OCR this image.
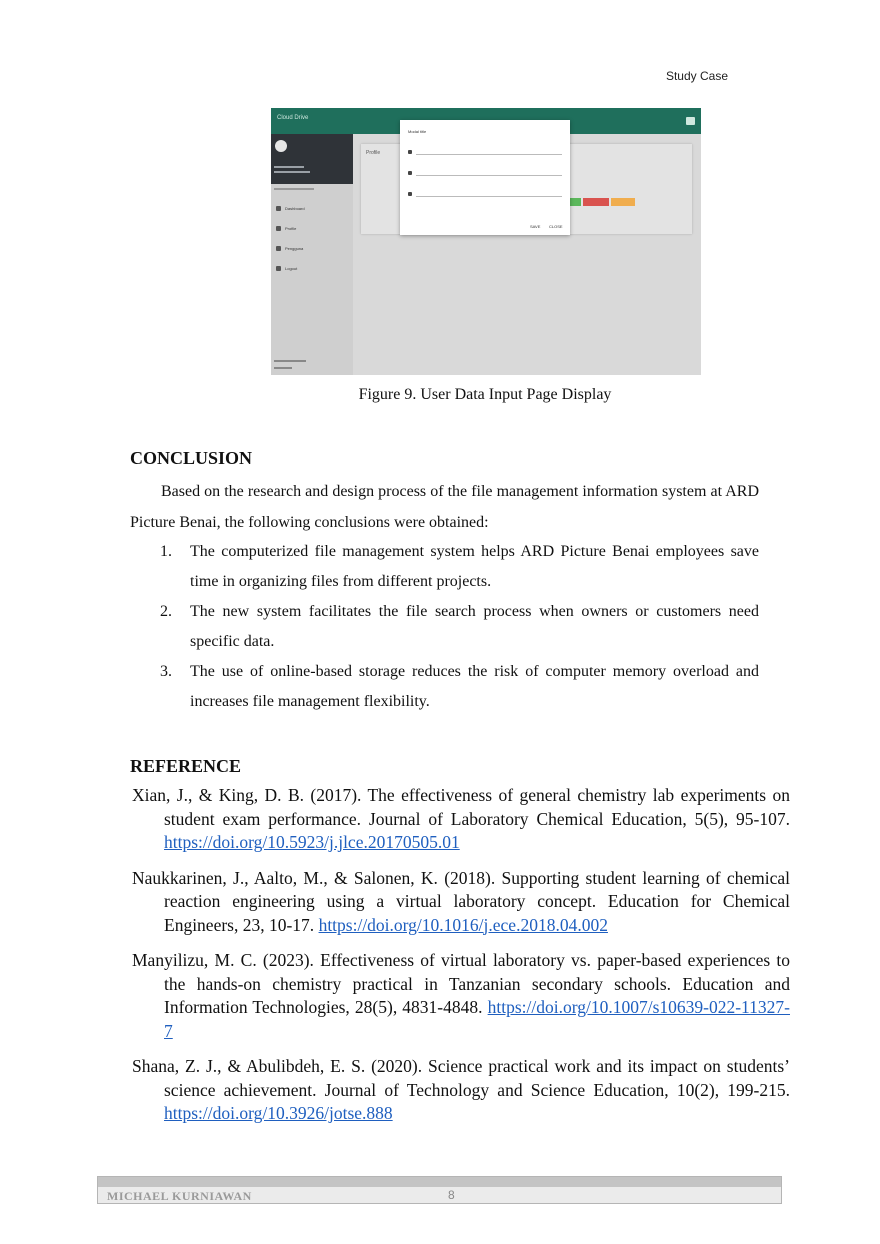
Study Case
Cloud Drive
Dashboard
Profile
Pengguna
Logout
Profile
Modal title
SAVE CLOSE
Figure 9. User Data Input Page Display
CONCLUSION
Based on the research and design process of the file management information system at ARD Picture Benai, the following conclusions were obtained:
1. The computerized file management system helps ARD Picture Benai employees save time in organizing files from different projects.
2. The new system facilitates the file search process when owners or customers need specific data.
3. The use of online-based storage reduces the risk of computer memory overload and increases file management flexibility.
REFERENCE
Xian, J., & King, D. B. (2017). The effectiveness of general chemistry lab experiments on student exam performance. Journal of Laboratory Chemical Education, 5(5), 95-107. https://doi.org/10.5923/j.jlce.20170505.01
Naukkarinen, J., Aalto, M., & Salonen, K. (2018). Supporting student learning of chemical reaction engineering using a virtual laboratory concept. Education for Chemical Engineers, 23, 10-17. https://doi.org/10.1016/j.ece.2018.04.002
Manyilizu, M. C. (2023). Effectiveness of virtual laboratory vs. paper-based experiences to the hands-on chemistry practical in Tanzanian secondary schools. Education and Information Technologies, 28(5), 4831-4848. https://doi.org/10.1007/s10639-022-11327-7
Shana, Z. J., & Abulibdeh, E. S. (2020). Science practical work and its impact on students’ science achievement. Journal of Technology and Science Education, 10(2), 199-215. https://doi.org/10.3926/jotse.888
MICHAEL KURNIAWAN	8
